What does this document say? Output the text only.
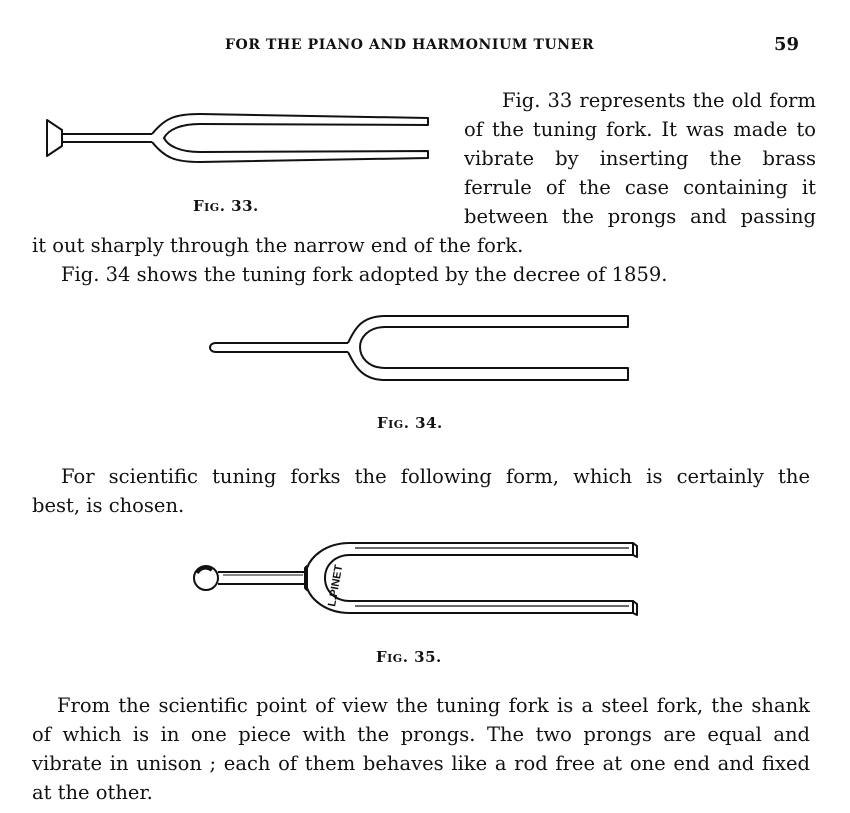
FOR THE PIANO AND HARMONIUM TUNER	59
Fig. 33.
Fig. 33 represents the old form
of the tuning fork. It was made to
vibrate by inserting the brass
ferrule of the case containing it
between the prongs and passing
it out sharply through the narrow end of the fork.
Fig. 34 shows the tuning fork adopted by the decree of 1859.
Fig. 34.
For scientific tuning forks the following form, which is certainly the
best, is chosen.
L.PINET
Fig. 35.
From the scientific point of view the tuning fork is a steel fork, the shank
of which is in one piece with the prongs. The two prongs are equal and
vibrate in unison ; each of them behaves like a rod free at one end and fixed
at the other.
